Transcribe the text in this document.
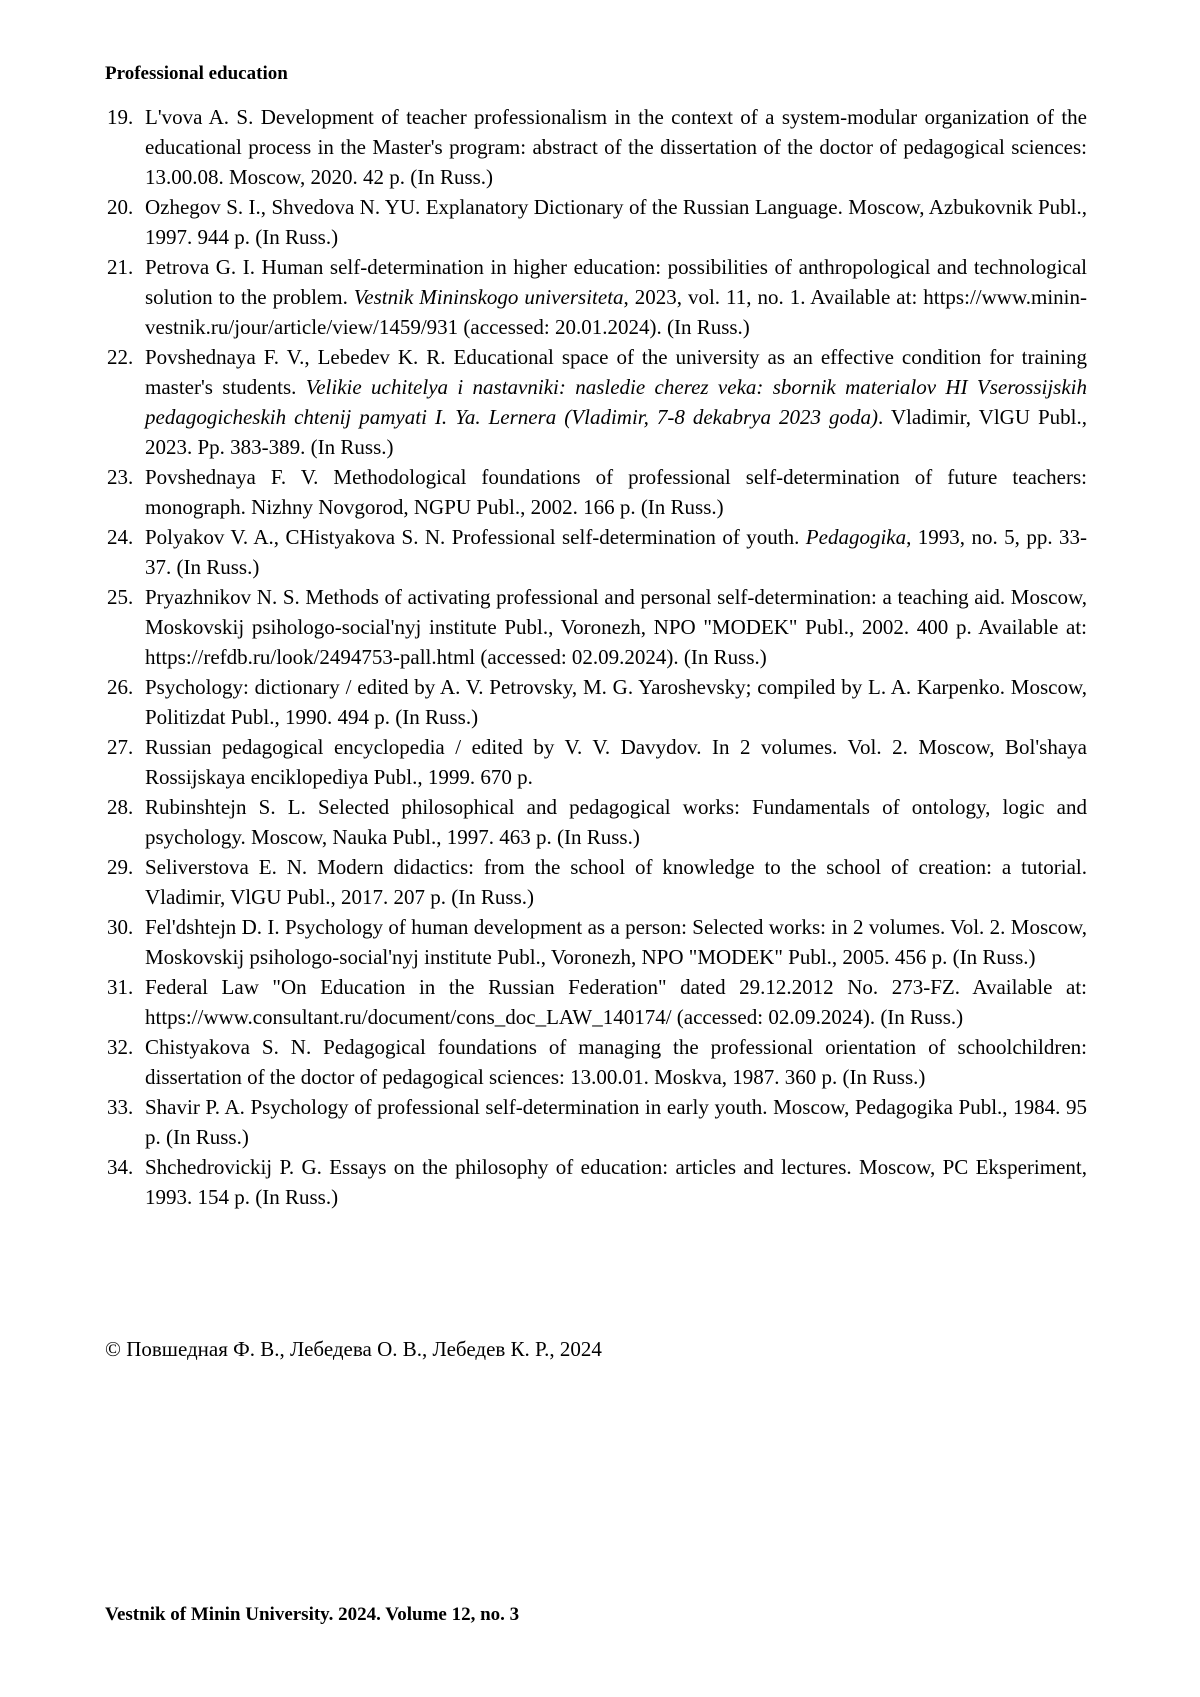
Professional education
19. L'vova A. S. Development of teacher professionalism in the context of a system-modular organization of the educational process in the Master's program: abstract of the dissertation of the doctor of pedagogical sciences: 13.00.08. Moscow, 2020. 42 p. (In Russ.)
20. Ozhegov S. I., Shvedova N. YU. Explanatory Dictionary of the Russian Language. Moscow, Azbukovnik Publ., 1997. 944 p. (In Russ.)
21. Petrova G. I. Human self-determination in higher education: possibilities of anthropological and technological solution to the problem. Vestnik Mininskogo universiteta, 2023, vol. 11, no. 1. Available at: https://www.minin-vestnik.ru/jour/article/view/1459/931 (accessed: 20.01.2024). (In Russ.)
22. Povshednaya F. V., Lebedev K. R. Educational space of the university as an effective condition for training master's students. Velikie uchitelya i nastavniki: nasledie cherez veka: sbornik materialov HI Vserossijskih pedagogicheskih chtenij pamyati I. Ya. Lernera (Vladimir, 7-8 dekabrya 2023 goda). Vladimir, VlGU Publ., 2023. Pp. 383-389. (In Russ.)
23. Povshednaya F. V. Methodological foundations of professional self-determination of future teachers: monograph. Nizhny Novgorod, NGPU Publ., 2002. 166 p. (In Russ.)
24. Polyakov V. A., CHistyakova S. N. Professional self-determination of youth. Pedagogika, 1993, no. 5, pp. 33-37. (In Russ.)
25. Pryazhnikov N. S. Methods of activating professional and personal self-determination: a teaching aid. Moscow, Moskovskij psihologo-social'nyj institute Publ., Voronezh, NPO "MODEK" Publ., 2002. 400 p. Available at: https://refdb.ru/look/2494753-pall.html (accessed: 02.09.2024). (In Russ.)
26. Psychology: dictionary / edited by A. V. Petrovsky, M. G. Yaroshevsky; compiled by L. A. Karpenko. Moscow, Politizdat Publ., 1990. 494 p. (In Russ.)
27. Russian pedagogical encyclopedia / edited by V. V. Davydov. In 2 volumes. Vol. 2. Moscow, Bol'shaya Rossijskaya enciklopediya Publ., 1999. 670 p.
28. Rubinshtejn S. L. Selected philosophical and pedagogical works: Fundamentals of ontology, logic and psychology. Moscow, Nauka Publ., 1997. 463 p. (In Russ.)
29. Seliverstova E. N. Modern didactics: from the school of knowledge to the school of creation: a tutorial. Vladimir, VlGU Publ., 2017. 207 p. (In Russ.)
30. Fel'dshtejn D. I. Psychology of human development as a person: Selected works: in 2 volumes. Vol. 2. Moscow, Moskovskij psihologo-social'nyj institute Publ., Voronezh, NPO "MODEK" Publ., 2005. 456 p. (In Russ.)
31. Federal Law "On Education in the Russian Federation" dated 29.12.2012 No. 273-FZ. Available at: https://www.consultant.ru/document/cons_doc_LAW_140174/ (accessed: 02.09.2024). (In Russ.)
32. Chistyakova S. N. Pedagogical foundations of managing the professional orientation of schoolchildren: dissertation of the doctor of pedagogical sciences: 13.00.01. Moskva, 1987. 360 p. (In Russ.)
33. Shavir P. A. Psychology of professional self-determination in early youth. Moscow, Pedagogika Publ., 1984. 95 p. (In Russ.)
34. Shchedrovickij P. G. Essays on the philosophy of education: articles and lectures. Moscow, PC Eksperiment, 1993. 154 p. (In Russ.)
© Повшедная Ф. В., Лебедева О. В., Лебедев К. Р., 2024
Vestnik of Minin University. 2024. Volume 12, no. 3
